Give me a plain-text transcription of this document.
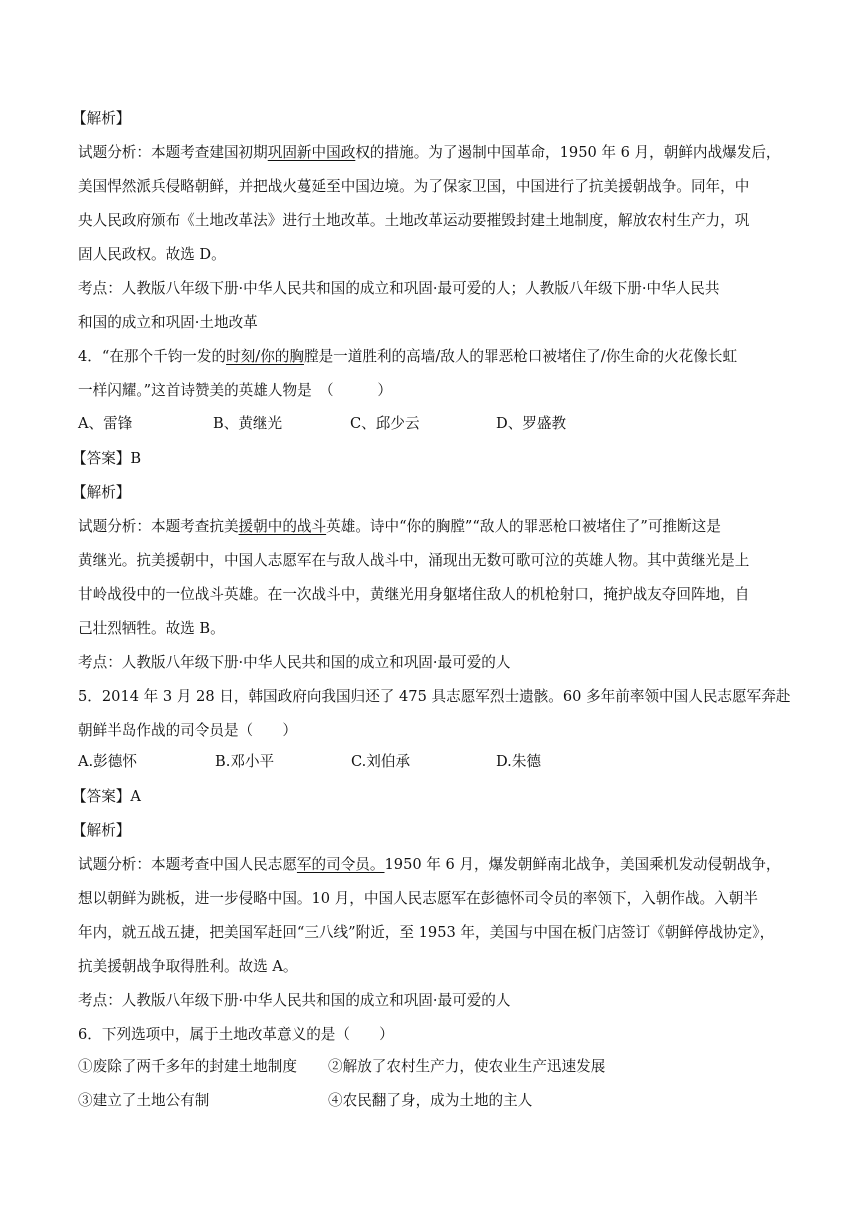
【解析】
试题分析：本题考查建国初期巩固新中国政权的措施。为了遏制中国革命，1950 年 6 月，朝鲜内战爆发后，
美国悍然派兵侵略朝鲜，并把战火蔓延至中国边境。为了保家卫国，中国进行了抗美援朝战争。同年，中
央人民政府颁布《土地改革法》进行土地改革。土地改革运动要摧毁封建土地制度，解放农村生产力，巩
固人民政权。故选 D。
考点：人教版八年级下册·中华人民共和国的成立和巩固·最可爱的人；人教版八年级下册·中华人民共
和国的成立和巩固·土地改革
4．“在那个千钧一发的时刻/你的胸膛是一道胜利的高墙/敌人的罪恶枪口被堵住了/你生命的火花像长虹
一样闪耀。”这首诗赞美的英雄人物是　（　　　）
A、雷锋	B、黄继光	C、邱少云	D、罗盛教
【答案】B
【解析】
试题分析：本题考查抗美援朝中的战斗英雄。诗中“你的胸膛”“敌人的罪恶枪口被堵住了”可推断这是
黄继光。抗美援朝中，中国人志愿军在与敌人战斗中，涌现出无数可歌可泣的英雄人物。其中黄继光是上
甘岭战役中的一位战斗英雄。在一次战斗中，黄继光用身躯堵住敌人的机枪射口，掩护战友夺回阵地，自
己壮烈牺牲。故选 B。
考点：人教版八年级下册·中华人民共和国的成立和巩固·最可爱的人
5．2014 年 3 月 28 日，韩国政府向我国归还了 475 具志愿军烈士遗骸。60 多年前率领中国人民志愿军奔赴
朝鲜半岛作战的司令员是（　　）
A.彭德怀	B.邓小平	C.刘伯承	D.朱德
【答案】A
【解析】
试题分析：本题考查中国人民志愿军的司令员。1950 年 6 月，爆发朝鲜南北战争，美国乘机发动侵朝战争，
想以朝鲜为跳板，进一步侵略中国。10 月，中国人民志愿军在彭德怀司令员的率领下，入朝作战。入朝半
年内，就五战五捷，把美国军赶回“三八线”附近，至 1953 年，美国与中国在板门店签订《朝鲜停战协定》，
抗美援朝战争取得胜利。故选 A。
考点：人教版八年级下册·中华人民共和国的成立和巩固·最可爱的人
6．下列选项中，属于土地改革意义的是（　　）
①废除了两千多年的封建土地制度 ②解放了农村生产力，使农业生产迅速发展
③建立了土地公有制	④农民翻了身，成为土地的主人
